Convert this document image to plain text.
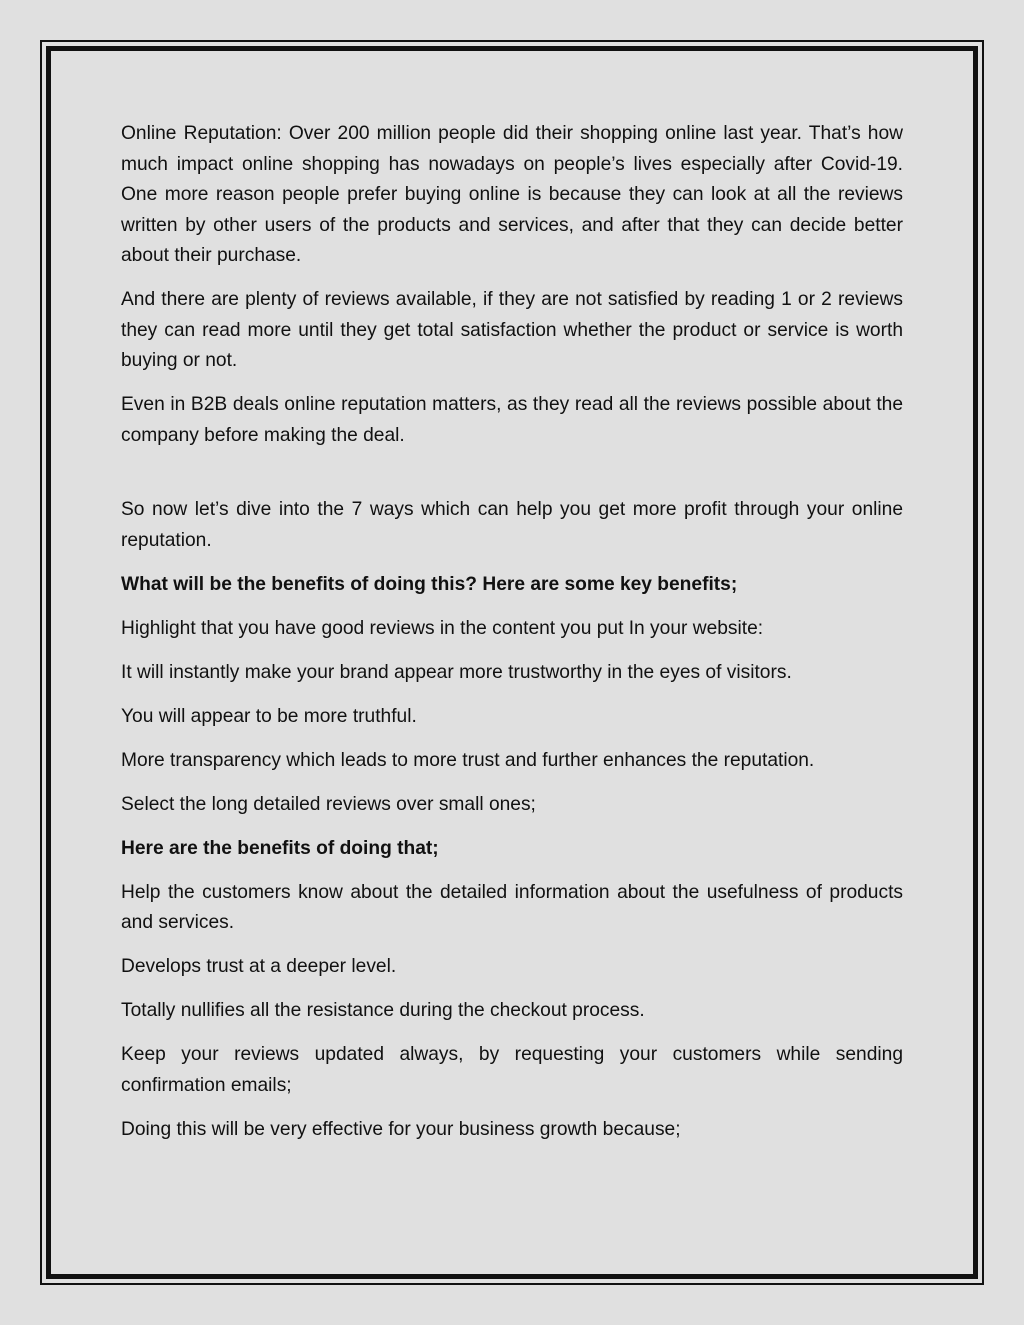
Online Reputation: Over 200 million people did their shopping online last year. That’s how much impact online shopping has nowadays on people’s lives especially after Covid-19. One more reason people prefer buying online is because they can look at all the reviews written by other users of the products and services, and after that they can decide better about their purchase.

And there are plenty of reviews available, if they are not satisfied by reading 1 or 2 reviews they can read more until they get total satisfaction whether the product or service is worth buying or not.

Even in B2B deals online reputation matters, as they read all the reviews possible about the company before making the deal.

So now let’s dive into the 7 ways which can help you get more profit through your online reputation.

What will be the benefits of doing this? Here are some key benefits;

Highlight that you have good reviews in the content you put In your website:

It will instantly make your brand appear more trustworthy in the eyes of visitors.

You will appear to be more truthful.

More transparency which leads to more trust and further enhances the reputation.

Select the long detailed reviews over small ones;

Here are the benefits of doing that;

Help the customers know about the detailed information about the usefulness of products and services.

Develops trust at a deeper level.

Totally nullifies all the resistance during the checkout process.

Keep your reviews updated always, by requesting your customers while sending confirmation emails;

Doing this will be very effective for your business growth because;
